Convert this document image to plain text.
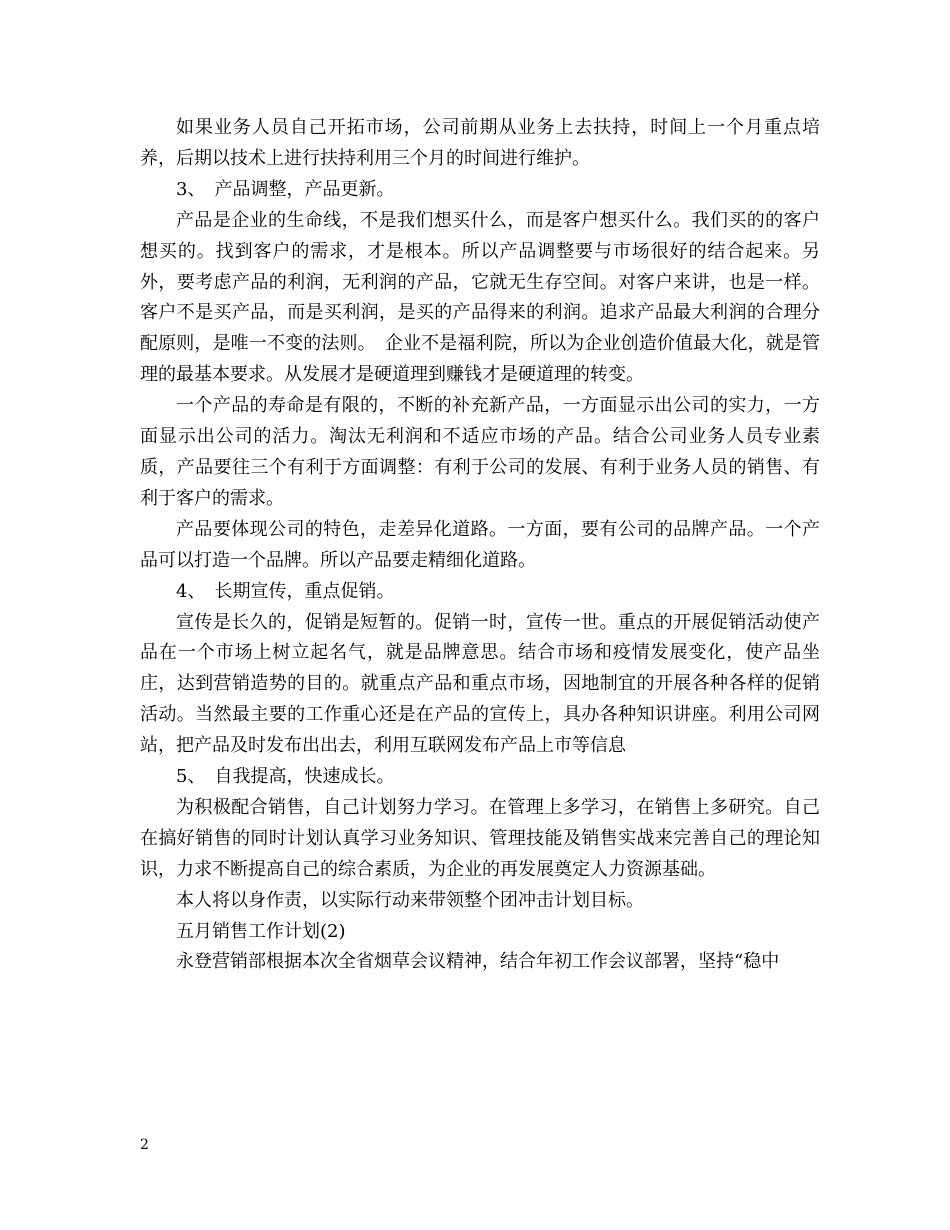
如果业务人员自己开拓市场，公司前期从业务上去扶持，时间上一个月重点培养，后期以技术上进行扶持利用三个月的时间进行维护。

3、　产品调整，产品更新。

产品是企业的生命线，不是我们想买什么，而是客户想买什么。我们买的的客户想买的。找到客户的需求，才是根本。所以产品调整要与市场很好的结合起来。另外，要考虑产品的利润，无利润的产品，它就无生存空间。对客户来讲，也是一样。客户不是买产品，而是买利润，是买的产品得来的利润。追求产品最大利润的合理分配原则，是唯一不变的法则。　企业不是福利院，所以为企业创造价值最大化，就是管理的最基本要求。从发展才是硬道理到赚钱才是硬道理的转变。

一个产品的寿命是有限的，不断的补充新产品，一方面显示出公司的实力，一方面显示出公司的活力。淘汰无利润和不适应市场的产品。结合公司业务人员专业素质，产品要往三个有利于方面调整：有利于公司的发展、有利于业务人员的销售、有利于客户的需求。

产品要体现公司的特色，走差异化道路。一方面，要有公司的品牌产品。一个产品可以打造一个品牌。所以产品要走精细化道路。

4、　长期宣传，重点促销。

宣传是长久的，促销是短暂的。促销一时，宣传一世。重点的开展促销活动使产品在一个市场上树立起名气，就是品牌意思。结合市场和疫情发展变化，使产品坐庄，达到营销造势的目的。就重点产品和重点市场，因地制宜的开展各种各样的促销活动。当然最主要的工作重心还是在产品的宣传上，具办各种知识讲座。利用公司网站，把产品及时发布出出去，利用互联网发布产品上市等信息

5、　自我提高，快速成长。

为积极配合销售，自己计划努力学习。在管理上多学习，在销售上多研究。自己在搞好销售的同时计划认真学习业务知识、管理技能及销售实战来完善自己的理论知识，力求不断提高自己的综合素质，为企业的再发展奠定人力资源基础。

本人将以身作责，以实际行动来带领整个团冲击计划目标。

五月销售工作计划(2)

永登营销部根据本次全省烟草会议精神，结合年初工作会议部署，坚持“稳中

2
